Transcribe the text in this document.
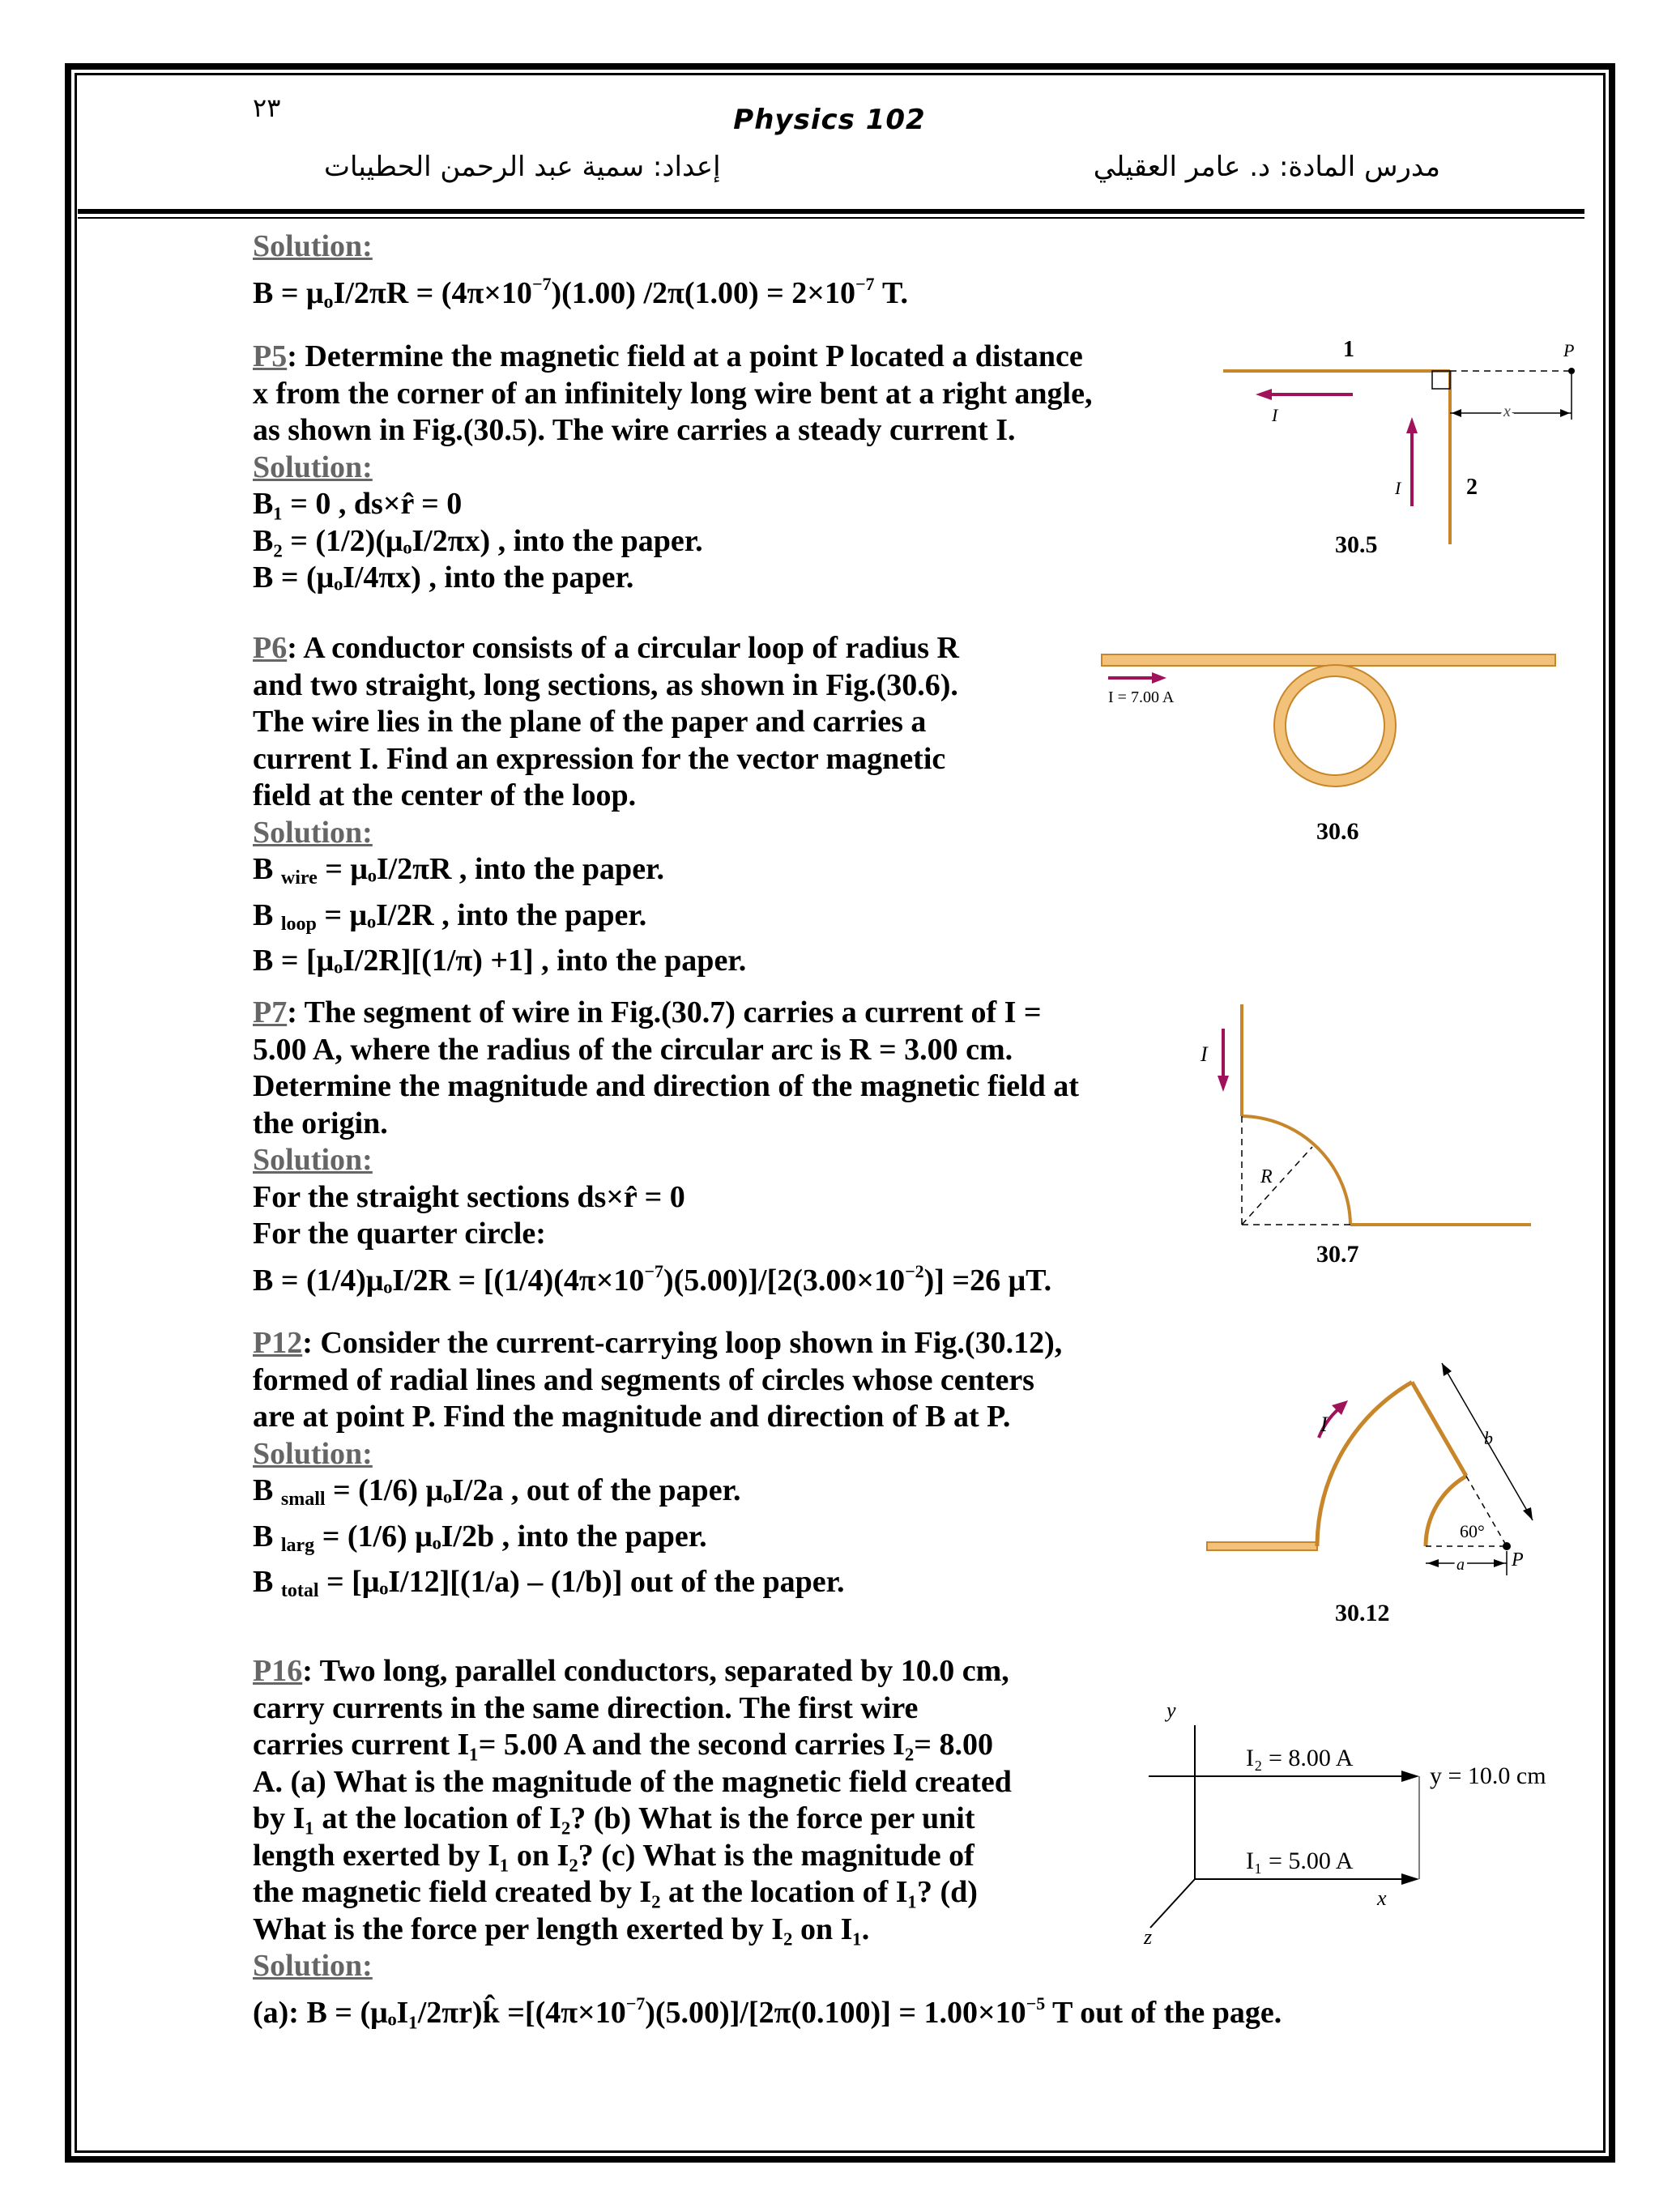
٢٣	Physics 102
مدرس المادة: د. عامر العقيلي
إعداد: سمية عبد الرحمن الحطيبات

Solution:

$B = \mu_oI/2\pi R = (4\pi\times 10^{-7})(1.00) /2\pi(1.00) = 2\times 10^{-7}$ T.

P5: Determine the magnetic field at a point P located a distance

x from the corner of an infinitely long wire bent at a right angle,

as shown in Fig.(30.5). The wire carries a steady current I.

Solution:

B₁ = 0 , ds×r̂ = 0

B₂ = (1/2)(μₒI/2πx) , into the paper.

B = (μₒI/4πx) , into the paper.

1	P
x
I
I	2
30.5

P6: A conductor consists of a circular loop of radius R

and two straight, long sections, as shown in Fig.(30.6).

The wire lies in the plane of the paper and carries a

current I. Find an expression for the vector magnetic

field at the center of the loop.

Solution:

B $_{wire}$ = μₒI/2πR , into the paper.

B $_{loop}$ = μₒI/2R , into the paper.

B = [μₒI/2R][(1/π) +1] , into the paper.

I = 7.00 A
30.6

P7: The segment of wire in Fig.(30.7) carries a current of I =

5.00 A, where the radius of the circular arc is R = 3.00 cm.

Determine the magnitude and direction of the magnetic field at

the origin.

Solution:

For the straight sections ds×r̂ = 0

For the quarter circle:

$B = (1/4)\mu_oI/2R = [(1/4)(4\pi\times 10^{-7})(5.00)]/[2(3.00\times 10^{-2})] =26$ μT.

I
R
30.7

P12: Consider the current-carrying loop shown in Fig.(30.12),

formed of radial lines and segments of circles whose centers

are at point P. Find the magnitude and direction of B at P.

Solution:

B $_{small}$ = (1/6) μₒI/2a , out of the paper.

B $_{larg}$ = (1/6) μₒI/2b , into the paper.

B $_{total}$ = [μₒI/12][(1/a) – (1/b)] out of the paper.

I
b
a P
60°
30.12

P16: Two long, parallel conductors, separated by 10.0 cm,

carry currents in the same direction. The first wire

carries current I₁= 5.00 A and the second carries I₂= 8.00

A. (a) What is the magnitude of the magnetic field created

by I₁ at the location of I₂? (b) What is the force per unit

length exerted by I₁ on I₂? (c) What is the magnitude of

the magnetic field created by I₂ at the location of I₁? (d)

What is the force per length exerted by I₂ on I₁.

Solution:

(a): B = (μₒI₁/2πr)k̂ $=[(4\pi\times 10^{-7})(5.00)]/[2\pi(0.100)] = 1.00\times 10^{-5}$ T out of the page.

y
z
x
I₂ = 8.00 A
I₁ = 5.00 A
y = 10.0 cm
